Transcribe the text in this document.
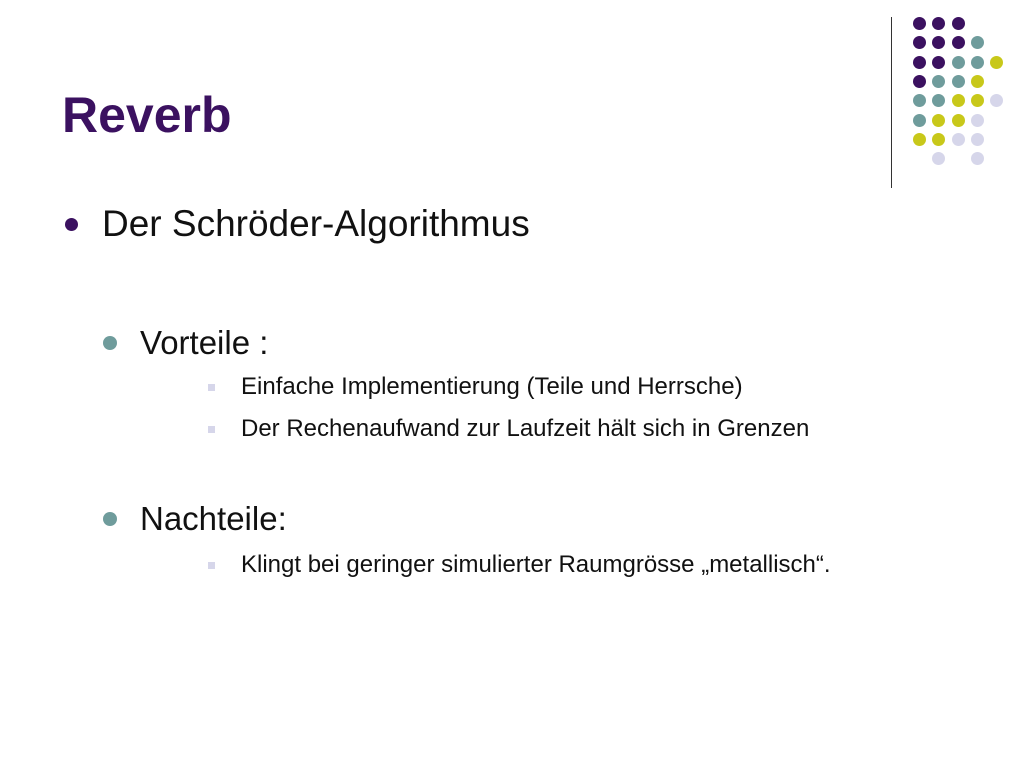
Reverb
Der Schröder-Algorithmus
Vorteile :
Einfache Implementierung (Teile und Herrsche)
Der Rechenaufwand zur Laufzeit hält sich in Grenzen
Nachteile:
Klingt bei geringer simulierter Raumgrösse „metallisch“.
